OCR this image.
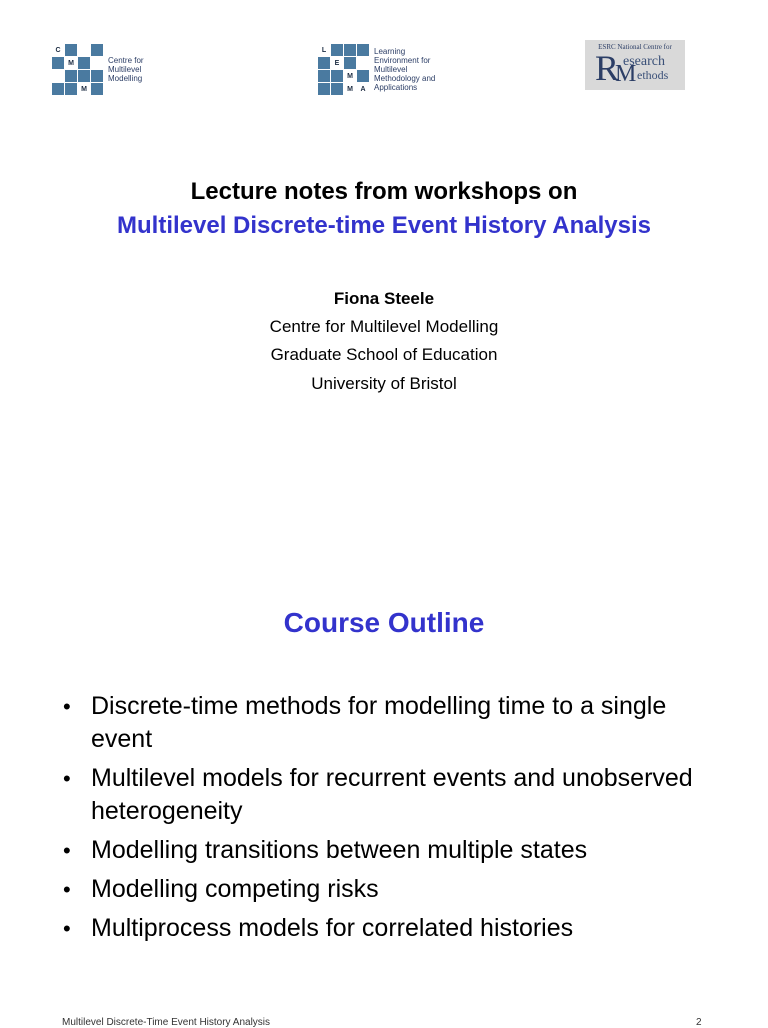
C
M
M
Centre for
Multilevel
Modelling
L
E
M
M	A
Learning
Environment for
Multilevel
Methodology and
Applications
ESRC National Centre for
R esearch
M ethods
Lecture notes from workshops on
Multilevel Discrete-time Event History Analysis
Fiona Steele
Centre for Multilevel Modelling
Graduate School of Education
University of Bristol
Course Outline
• Discrete-time methods for modelling time to a single event
• Multilevel models for recurrent events and unobserved heterogeneity
• Modelling transitions between multiple states
• Modelling competing risks
• Multiprocess models for correlated histories
Multilevel Discrete-Time Event History Analysis	2
